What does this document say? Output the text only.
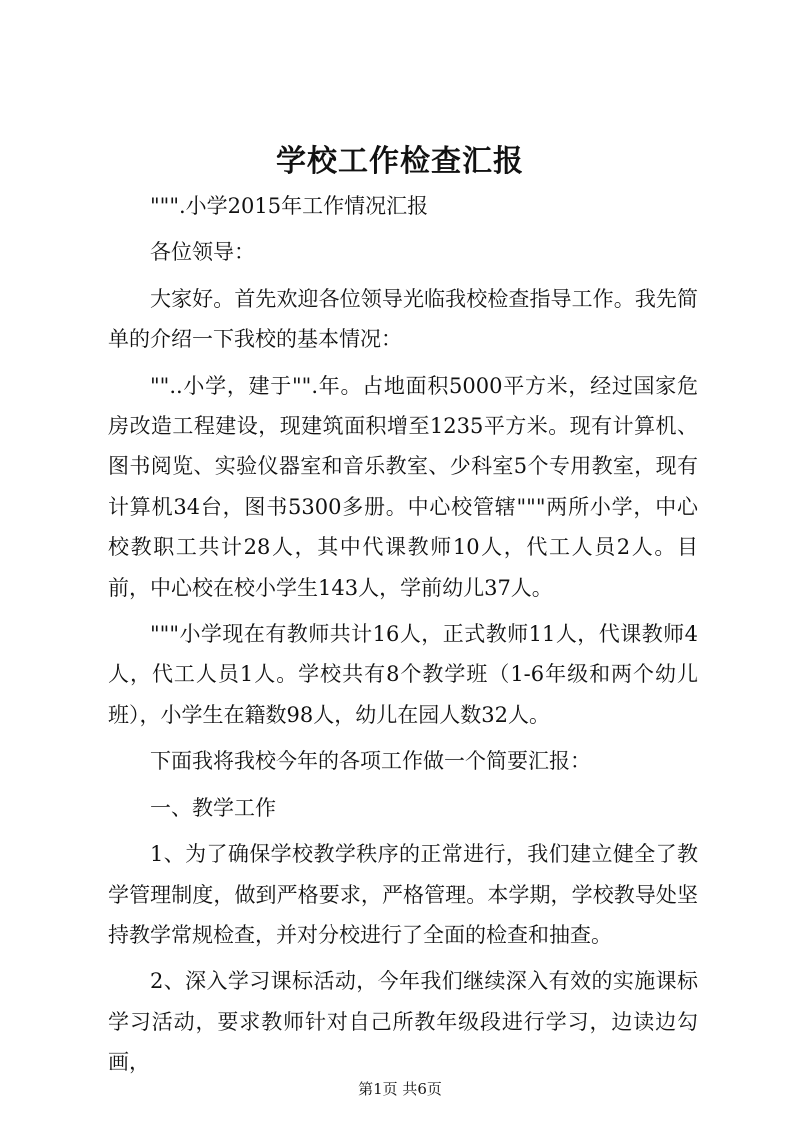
学校工作检查汇报

""".小学2015年工作情况汇报

各位领导：

大家好。首先欢迎各位领导光临我校检查指导工作。我先简单的介绍一下我校的基本情况：

""..小学，建于"".年。占地面积5000平方米，经过国家危房改造工程建设，现建筑面积增至1235平方米。现有计算机、图书阅览、实验仪器室和音乐教室、少科室5个专用教室，现有计算机34台，图书5300多册。中心校管辖"""两所小学，中心校教职工共计28人，其中代课教师10人，代工人员2人。目前，中心校在校小学生143人，学前幼儿37人。

"""小学现在有教师共计16人，正式教师11人，代课教师4人，代工人员1人。学校共有8个教学班（1-6年级和两个幼儿班），小学生在籍数98人，幼儿在园人数32人。

下面我将我校今年的各项工作做一个简要汇报：

一、教学工作

1、为了确保学校教学秩序的正常进行，我们建立健全了教学管理制度，做到严格要求，严格管理。本学期，学校教导处坚持教学常规检查，并对分校进行了全面的检查和抽查。

2、深入学习课标活动，今年我们继续深入有效的实施课标学习活动，要求教师针对自己所教年级段进行学习，边读边勾画，

第1页 共6页
